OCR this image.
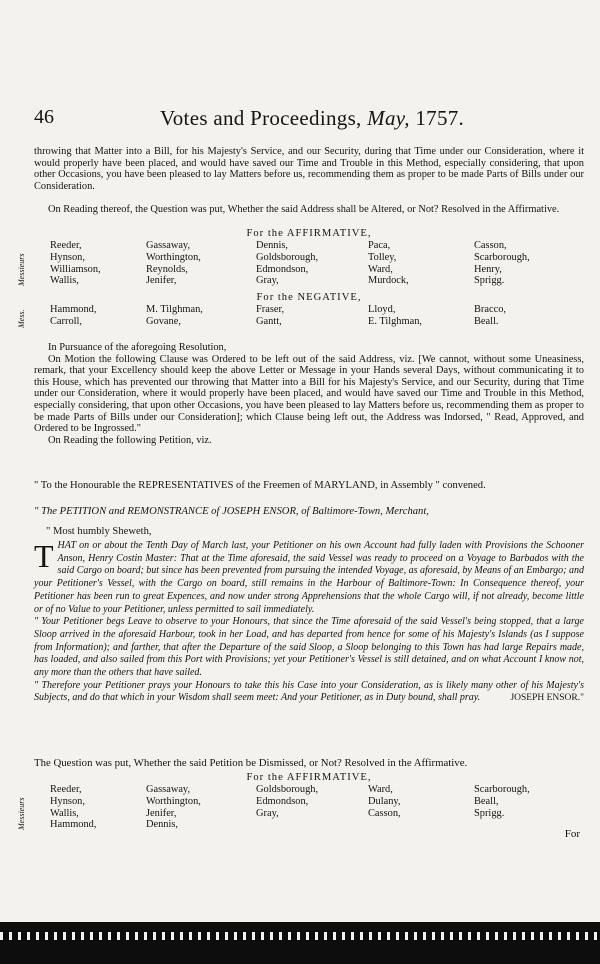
46	Votes and Proceedings, May, 1757.

throwing that Matter into a Bill, for his Majesty's Service, and our Security, during that Time under our Consideration, where it would properly have been placed, and would have saved our Time and Trouble in this Method, especially considering, that upon other Occasions, you have been pleased to lay Matters before us, recommending them as proper to be made Parts of Bills under our Consideration.

On Reading thereof, the Question was put, Whether the said Address shall be Altered, or Not? Resolved in the Affirmative.

For the AFFIRMATIVE,

Messieurs
Reeder,
Hynson,
Williamson,
Wallis,
Gassaway,
Worthington,
Reynolds,
Jenifer,
Dennis,
Goldsborough,
Edmondson,
Gray,
Paca,
Tolley,
Ward,
Murdock,
Casson,
Scarborough,
Henry,
Sprigg.

For the NEGATIVE,

Mess.
Hammond,
Carroll,
M. Tilghman,
Govane,
Fraser,
Gantt,
Lloyd,
E. Tilghman,
Bracco,
Beall.

In Pursuance of the aforegoing Resolution,

On Motion the following Clause was Ordered to be left out of the said Address, viz. [We cannot, without some Uneasiness, remark, that your Excellency should keep the above Letter or Message in your Hands several Days, without communicating it to this House, which has prevented our throwing that Matter into a Bill for his Majesty's Service, and our Security, during that Time under our Consideration, where it would properly have been placed, and would have saved our Time and Trouble in this Method, especially considering, that upon other Occasions, you have been pleased to lay Matters before us, recommending them as proper to be made Parts of Bills under our Consideration]; which Clause being left out, the Address was Indorsed, " Read, Approved, and Ordered to be Ingrossed."

On Reading the following Petition, viz.

" To the Honourable the REPRESENTATIVES of the Freemen of MARYLAND, in Assembly " convened.

" The PETITION and REMONSTRANCE of JOSEPH ENSOR, of Baltimore-Town, Merchant,

" Most humbly Sheweth,

THAT on or about the Tenth Day of March last, your Petitioner on his own Account had fully laden with Provisions the Schooner Anson, Henry Costin Master: That at the Time aforesaid, the said Vessel was ready to proceed on a Voyage to Barbados with the said Cargo on board; but since has been prevented from pursuing the intended Voyage, as aforesaid, by Means of an Embargo; and your Petitioner's Vessel, with the Cargo on board, still remains in the Harbour of Baltimore-Town: In Consequence thereof, your Petitioner has been run to great Expences, and now under strong Apprehensions that the whole Cargo will, if not already, become little or of no Value to your Petitioner, unless permitted to sail immediately.

" Your Petitioner begs Leave to observe to your Honours, that since the Time aforesaid of the said Vessel's being stopped, that a large Sloop arrived in the aforesaid Harbour, took in her Load, and has departed from hence for some of his Majesty's Islands (as I suppose from Information); and farther, that after the Departure of the said Sloop, a Sloop belonging to this Town has had large Repairs made, has loaded, and also sailed from this Port with Provisions; yet your Petitioner's Vessel is still detained, and on what Account I know not, any more than the others that have sailed.

" Therefore your Petitioner prays your Honours to take this his Case into your Consideration, as is likely many other of his Majesty's Subjects, and do that which in your Wisdom shall seem meet: And your Petitioner, as in Duty bound, shall pray.	JOSEPH ENSOR."

The Question was put, Whether the said Petition be Dismissed, or Not? Resolved in the Affirmative.

For the AFFIRMATIVE,

Messieurs
Reeder,
Hynson,
Wallis,
Hammond,
Gassaway,
Worthington,
Jenifer,
Dennis,
Goldsborough,
Edmondson,
Gray,
Ward,
Dulany,
Casson,
Scarborough,
Beall,
Sprigg.
For
